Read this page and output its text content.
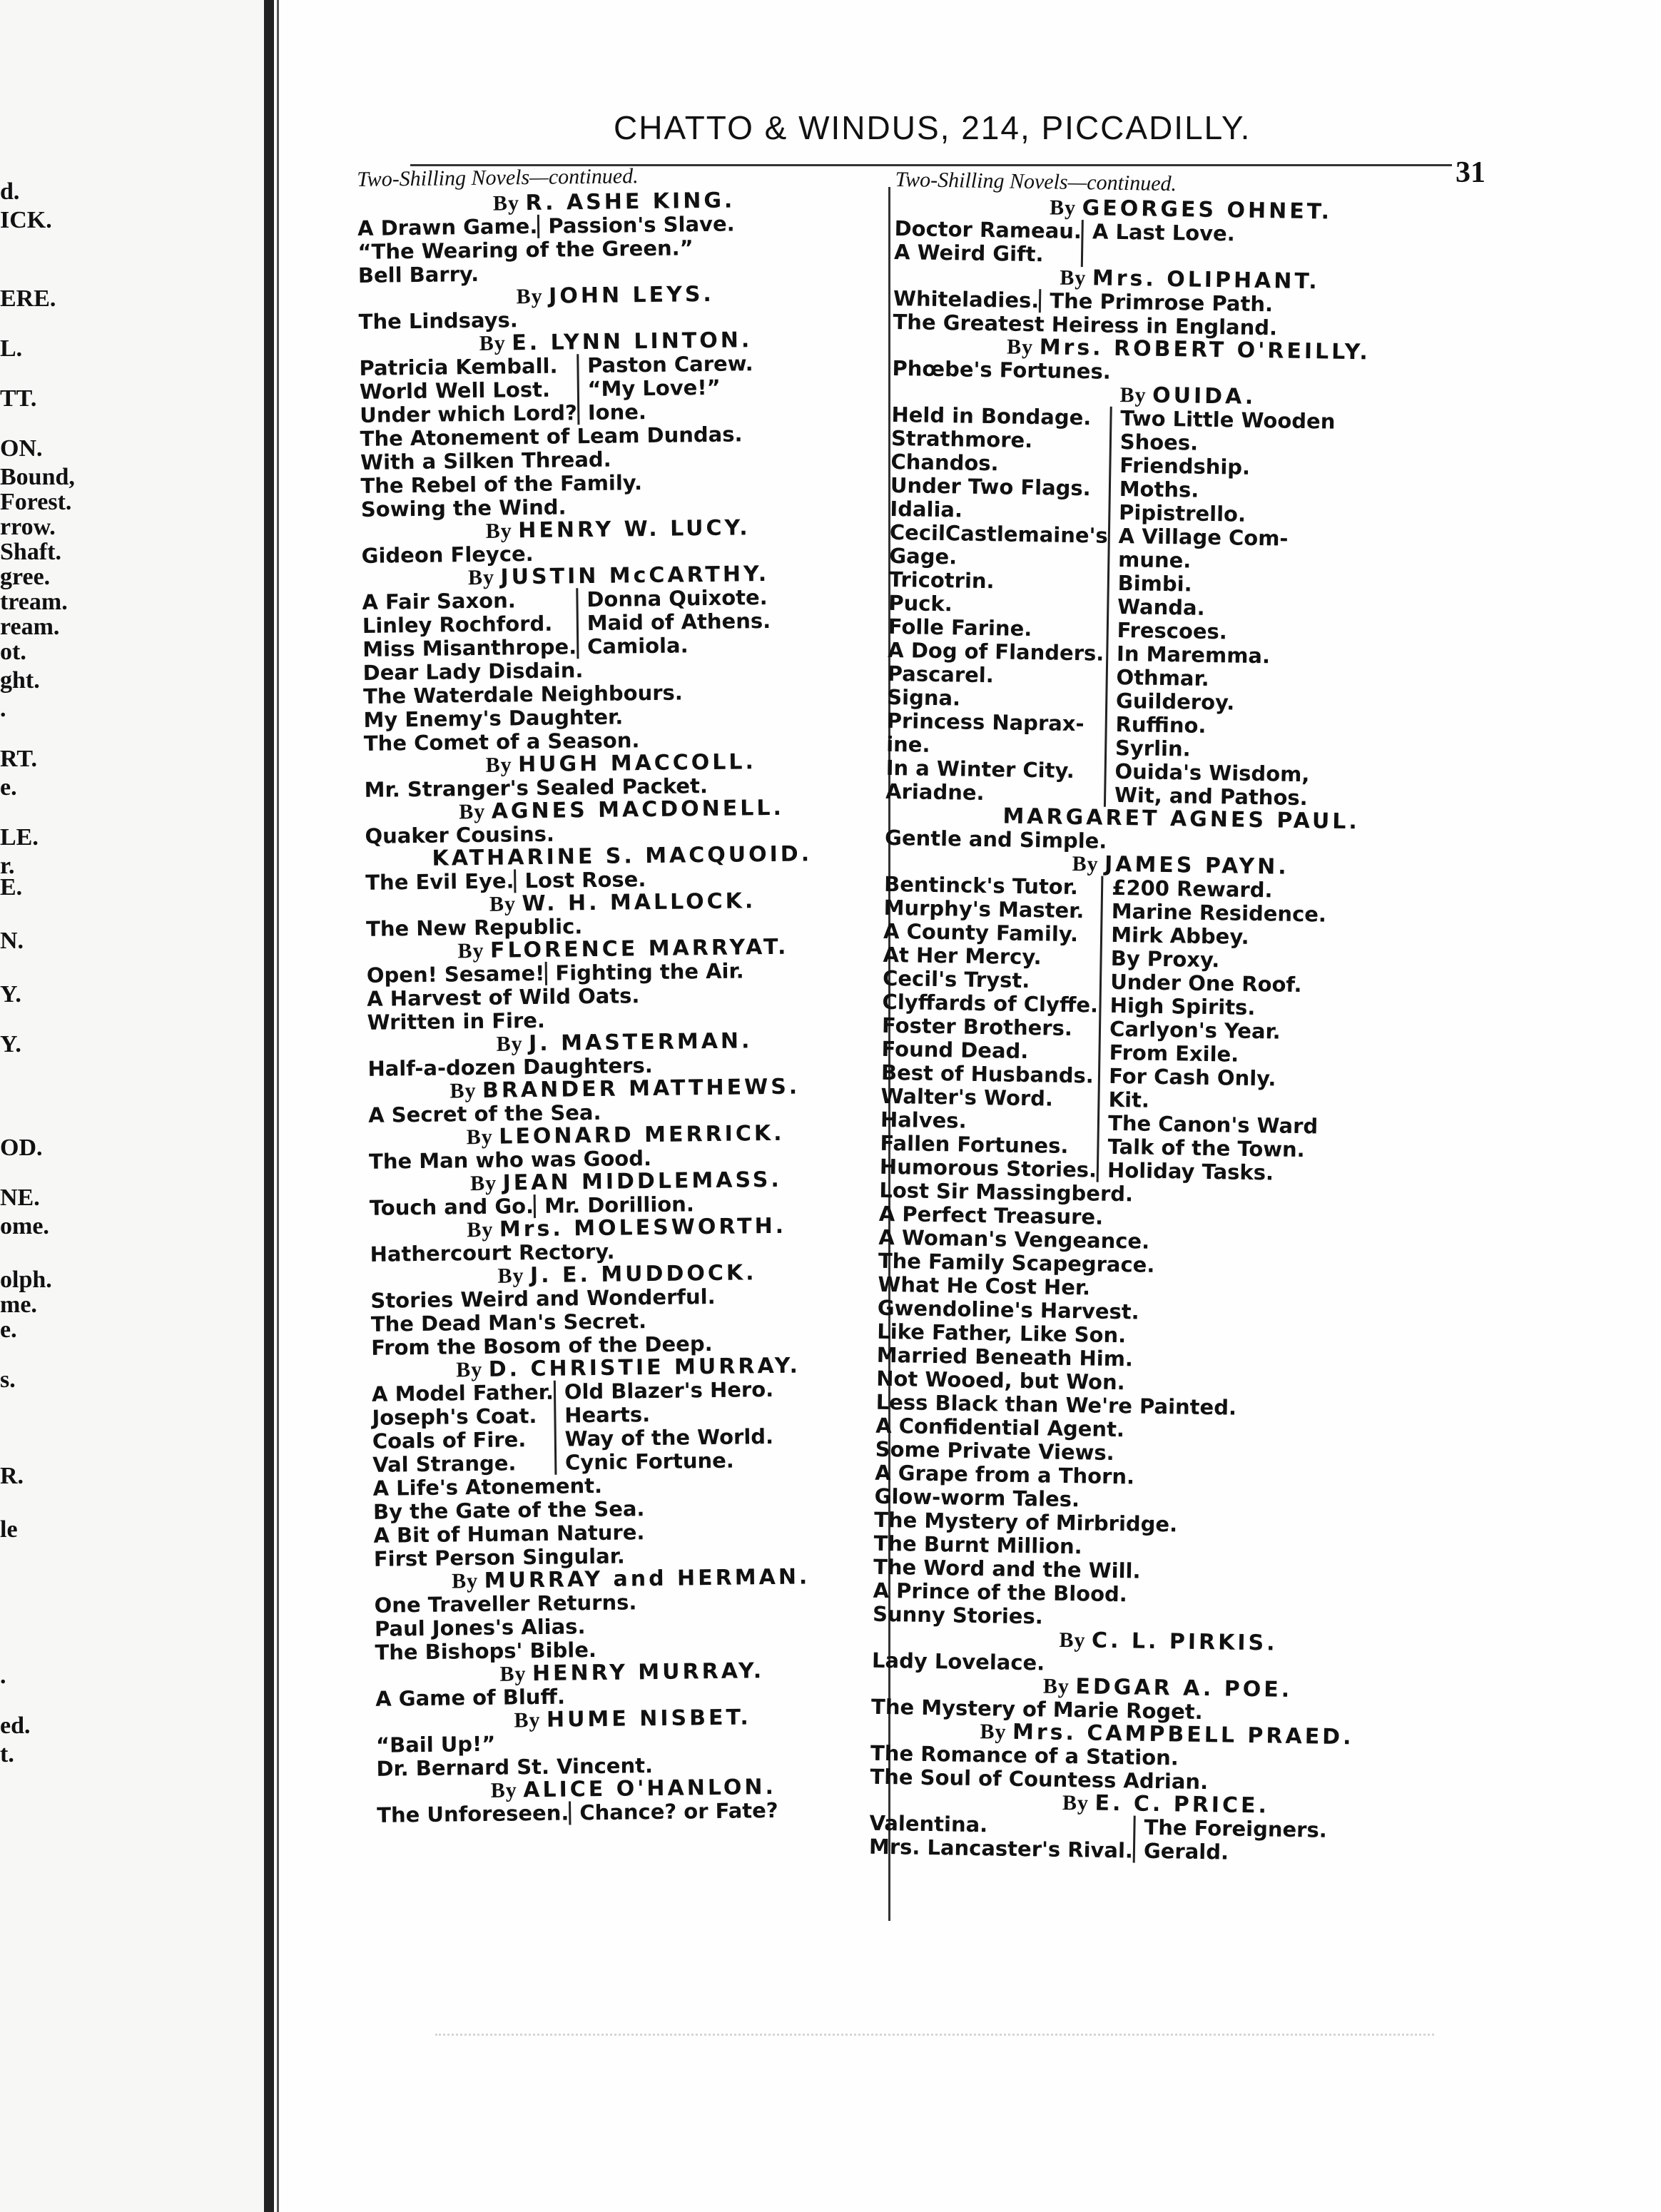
d.
ICK.
ERE.
L.
TT.
ON.
Bound,
Forest.
rrow.
Shaft.
gree.
tream.
ream.
ot.
ght.
.
RT.
e.
LE.
r.
E.
N.
Y.
Y.
OD.
NE.
ome.
olph.
me.
e.
s.
R.
le
.
ed.
t.
CHATTO & WINDUS, 214, PICCADILLY.
31
Two-Shilling Novels—continued.
By R. ASHE KING.
A Drawn Game. Passion's Slave.
“The Wearing of the Green.”
Bell Barry.
By JOHN LEYS.
The Lindsays.
By E. LYNN LINTON.
Patricia Kemball.
World Well Lost.
Under which Lord?
Paston Carew.
“My Love!”
Ione.
The Atonement of Leam Dundas.
With a Silken Thread.
The Rebel of the Family.
Sowing the Wind.
By HENRY W. LUCY.
Gideon Fleyce.
By JUSTIN McCARTHY.
A Fair Saxon.
Linley Rochford.
Miss Misanthrope.
Donna Quixote.
Maid of Athens.
Camiola.
Dear Lady Disdain.
The Waterdale Neighbours.
My Enemy's Daughter.
The Comet of a Season.
By HUGH MACCOLL.
Mr. Stranger's Sealed Packet.
By AGNES MACDONELL.
Quaker Cousins.
KATHARINE S. MACQUOID.
The Evil Eye. Lost Rose.
By W. H. MALLOCK.
The New Republic.
By FLORENCE MARRYAT.
Open! Sesame! Fighting the Air.
A Harvest of Wild Oats.
Written in Fire.
By J. MASTERMAN.
Half-a-dozen Daughters.
By BRANDER MATTHEWS.
A Secret of the Sea.
By LEONARD MERRICK.
The Man who was Good.
By JEAN MIDDLEMASS.
Touch and Go. Mr. Dorillion.
By Mrs. MOLESWORTH.
Hathercourt Rectory.
By J. E. MUDDOCK.
Stories Weird and Wonderful.
The Dead Man's Secret.
From the Bosom of the Deep.
By D. CHRISTIE MURRAY.
A Model Father.
Joseph's Coat.
Coals of Fire.
Val Strange.
Old Blazer's Hero.
Hearts.
Way of the World.
Cynic Fortune.
A Life's Atonement.
By the Gate of the Sea.
A Bit of Human Nature.
First Person Singular.
By MURRAY and HERMAN.
One Traveller Returns.
Paul Jones's Alias.
The Bishops' Bible.
By HENRY MURRAY.
A Game of Bluff.
By HUME NISBET.
“Bail Up!”
Dr. Bernard St. Vincent.
By ALICE O'HANLON.
The Unforeseen. Chance? or Fate?
Two-Shilling Novels—continued.
By GEORGES OHNET.
Doctor Rameau.
A Weird Gift.
A Last Love.
By Mrs. OLIPHANT.
Whiteladies. The Primrose Path.
The Greatest Heiress in England.
By Mrs. ROBERT O'REILLY.
Phœbe's Fortunes.
By OUIDA.
Held in Bondage.
Strathmore.
Chandos.
Under Two Flags.
Idalia.
CecilCastlemaine's
Gage.
Tricotrin.
Puck.
Folle Farine.
A Dog of Flanders.
Pascarel.
Signa.
Princess Naprax-
ine.
In a Winter City.
Ariadne.
Two Little Wooden
Shoes.
Friendship.
Moths.
Pipistrello.
A Village Com-
mune.
Bimbi.
Wanda.
Frescoes.
In Maremma.
Othmar.
Guilderoy.
Ruffino.
Syrlin.
Ouida's Wisdom,
Wit, and Pathos.
MARGARET AGNES PAUL.
Gentle and Simple.
By JAMES PAYN.
Bentinck's Tutor.
Murphy's Master.
A County Family.
At Her Mercy.
Cecil's Tryst.
Clyffards of Clyffe.
Foster Brothers.
Found Dead.
Best of Husbands.
Walter's Word.
Halves.
Fallen Fortunes.
Humorous Stories.
£200 Reward.
Marine Residence.
Mirk Abbey.
By Proxy.
Under One Roof.
High Spirits.
Carlyon's Year.
From Exile.
For Cash Only.
Kit.
The Canon's Ward
Talk of the Town.
Holiday Tasks.
Lost Sir Massingberd.
A Perfect Treasure.
A Woman's Vengeance.
The Family Scapegrace.
What He Cost Her.
Gwendoline's Harvest.
Like Father, Like Son.
Married Beneath Him.
Not Wooed, but Won.
Less Black than We're Painted.
A Confidential Agent.
Some Private Views.
A Grape from a Thorn.
Glow-worm Tales.
The Mystery of Mirbridge.
The Burnt Million.
The Word and the Will.
A Prince of the Blood.
Sunny Stories.
By C. L. PIRKIS.
Lady Lovelace.
By EDGAR A. POE.
The Mystery of Marie Roget.
By Mrs. CAMPBELL PRAED.
The Romance of a Station.
The Soul of Countess Adrian.
By E. C. PRICE.
Valentina.
Mrs. Lancaster's Rival.
The Foreigners.
Gerald.
